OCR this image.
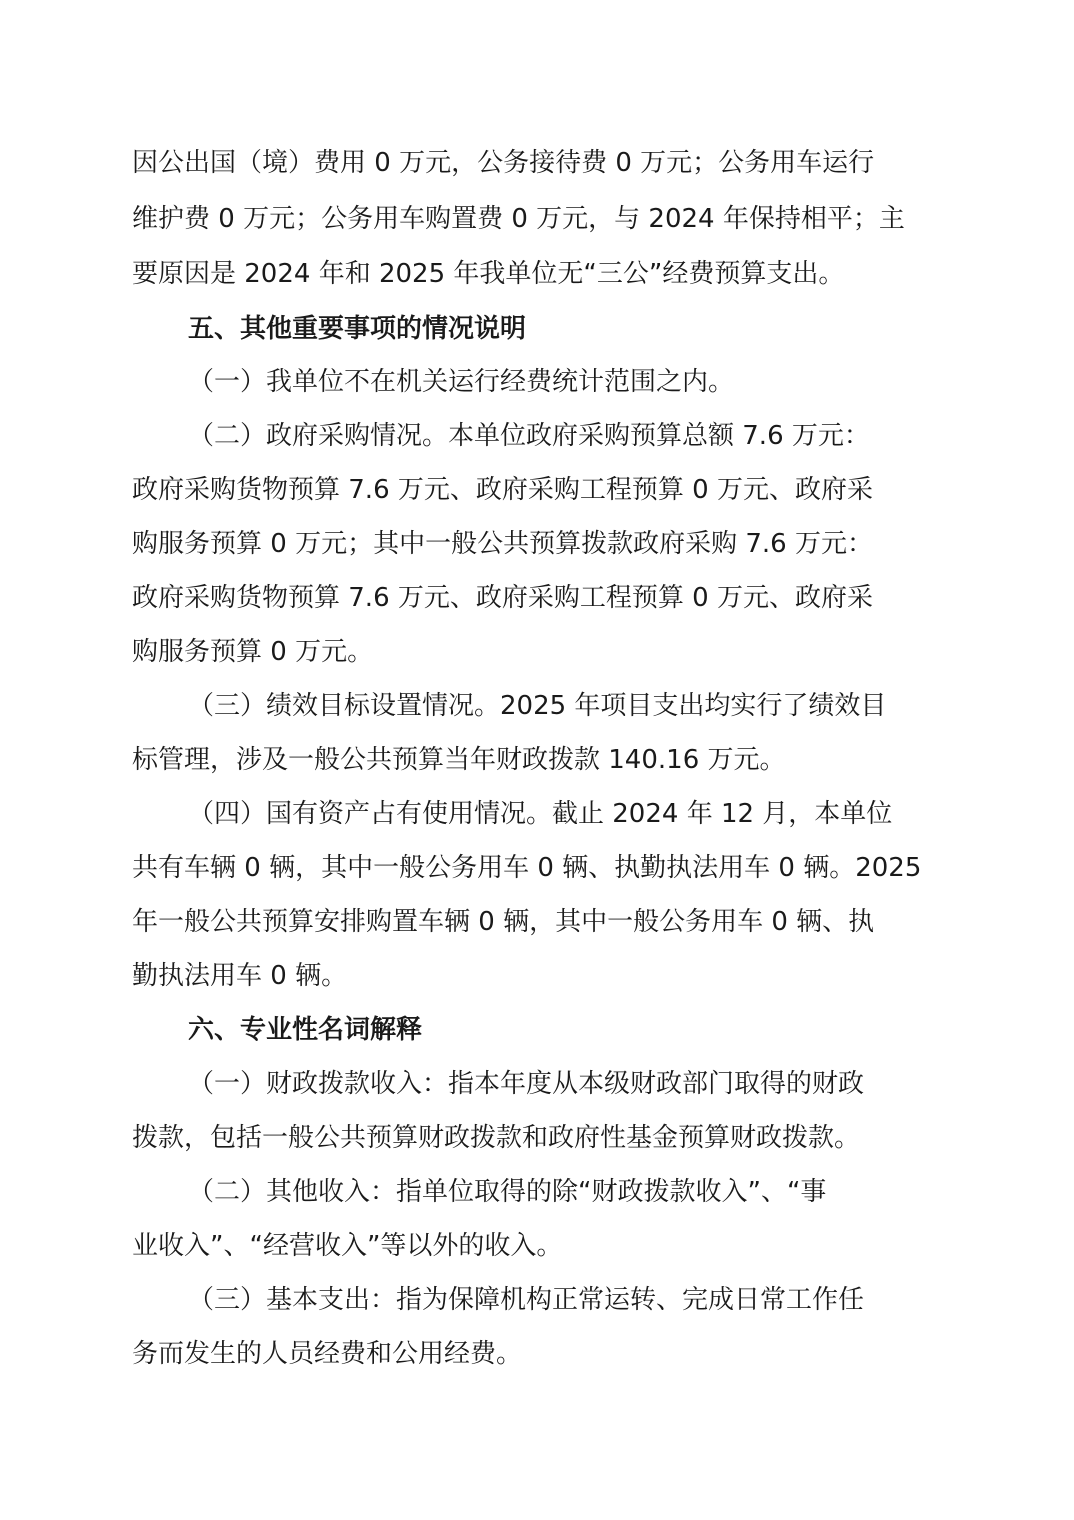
因公出国（境）费用 0 万元，公务接待费 0 万元；公务用车运行
维护费 0 万元；公务用车购置费 0 万元，与 2024 年保持相平；主
要原因是 2024 年和 2025 年我单位无“三公”经费预算支出。
五、其他重要事项的情况说明
（一）我单位不在机关运行经费统计范围之内。
（二）政府采购情况。本单位政府采购预算总额 7.6 万元：
政府采购货物预算 7.6 万元、政府采购工程预算 0 万元、政府采
购服务预算 0 万元；其中一般公共预算拨款政府采购 7.6 万元：
政府采购货物预算 7.6 万元、政府采购工程预算 0 万元、政府采
购服务预算 0 万元。
（三）绩效目标设置情况。2025 年项目支出均实行了绩效目
标管理，涉及一般公共预算当年财政拨款 140.16 万元。
（四）国有资产占有使用情况。截止 2024 年 12 月，本单位
共有车辆 0 辆，其中一般公务用车 0 辆、执勤执法用车 0 辆。2025
年一般公共预算安排购置车辆 0 辆，其中一般公务用车 0 辆、执
勤执法用车 0 辆。
六、专业性名词解释
（一）财政拨款收入：指本年度从本级财政部门取得的财政
拨款，包括一般公共预算财政拨款和政府性基金预算财政拨款。
（二）其他收入：指单位取得的除“财政拨款收入”、“事
业收入”、“经营收入”等以外的收入。
（三）基本支出：指为保障机构正常运转、完成日常工作任
务而发生的人员经费和公用经费。
